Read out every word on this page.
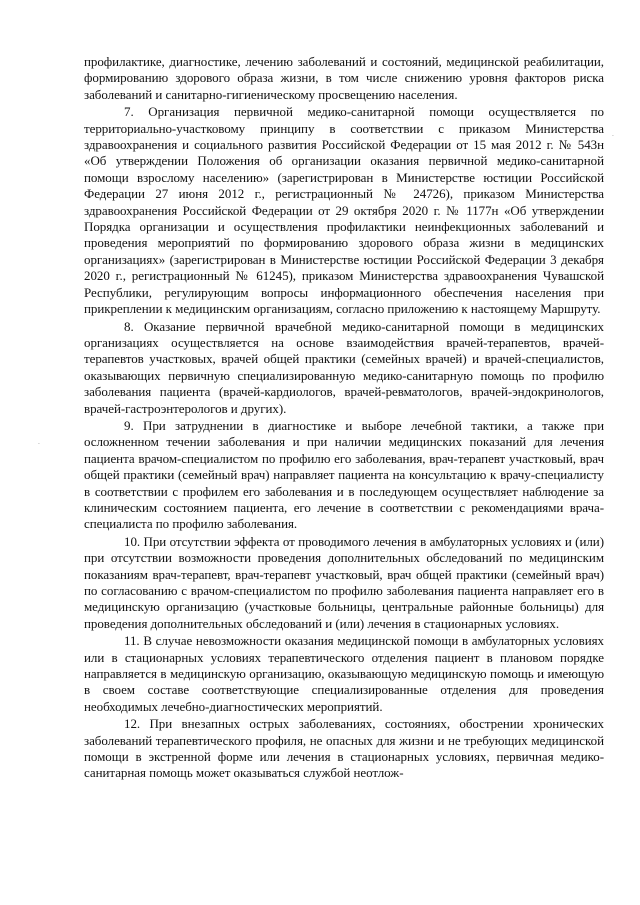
профилактике, диагностике, лечению заболеваний и состояний, медицинской реабилитации, формированию здорового образа жизни, в том числе снижению уровня факторов риска заболеваний и санитарно-гигиеническому просвещению населения.

7. Организация первичной медико-санитарной помощи осуществляется по территориально-участковому принципу в соответствии с приказом Министерства здравоохранения и социального развития Российской Федерации от 15 мая 2012 г. № 543н «Об утверждении Положения об организации оказания первичной медико-санитарной помощи взрослому населению» (зарегистрирован в Министерстве юстиции Российской Федерации 27 июня 2012 г., регистрационный № 24726), приказом Министерства здравоохранения Российской Федерации от 29 октября 2020 г. № 1177н «Об утверждении Порядка организации и осуществления профилактики неинфекционных заболеваний и проведения мероприятий по формированию здорового образа жизни в медицинских организациях» (зарегистрирован в Министерстве юстиции Российской Федерации 3 декабря 2020 г., регистрационный № 61245), приказом Министерства здравоохранения Чувашской Республики, регулирующим вопросы информационного обеспечения населения при прикреплении к медицинским организациям, согласно приложению к настоящему Маршруту.

8. Оказание первичной врачебной медико-санитарной помощи в медицинских организациях осуществляется на основе взаимодействия врачей-терапевтов, врачей-терапевтов участковых, врачей общей практики (семейных врачей) и врачей-специалистов, оказывающих первичную специализированную медико-санитарную помощь по профилю заболевания пациента (врачей-кардиологов, врачей-ревматологов, врачей-эндокринологов, врачей-гастроэнтерологов и других).

9. При затруднении в диагностике и выборе лечебной тактики, а также при осложненном течении заболевания и при наличии медицинских показаний для лечения пациента врачом-специалистом по профилю его заболевания, врач-терапевт участковый, врач общей практики (семейный врач) направляет пациента на консультацию к врачу-специалисту в соответствии с профилем его заболевания и в последующем осуществляет наблюдение за клиническим состоянием пациента, его лечение в соответствии с рекомендациями врача-специалиста по профилю заболевания.

10. При отсутствии эффекта от проводимого лечения в амбулаторных условиях и (или) при отсутствии возможности проведения дополнительных обследований по медицинским показаниям врач-терапевт, врач-терапевт участковый, врач общей практики (семейный врач) по согласованию с врачом-специалистом по профилю заболевания пациента направляет его в медицинскую организацию (участковые больницы, центральные районные больницы) для проведения дополнительных обследований и (или) лечения в стационарных условиях.

11. В случае невозможности оказания медицинской помощи в амбулаторных условиях или в стационарных условиях терапевтического отделения пациент в плановом порядке направляется в медицинскую организацию, оказывающую медицинскую помощь и имеющую в своем составе соответствующие специализированные отделения для проведения необходимых лечебно-диагностических мероприятий.

12. При внезапных острых заболеваниях, состояниях, обострении хронических заболеваний терапевтического профиля, не опасных для жизни и не требующих медицинской помощи в экстренной форме или лечения в стационарных условиях, первичная медико-санитарная помощь может оказываться службой неотлож-

.
.
